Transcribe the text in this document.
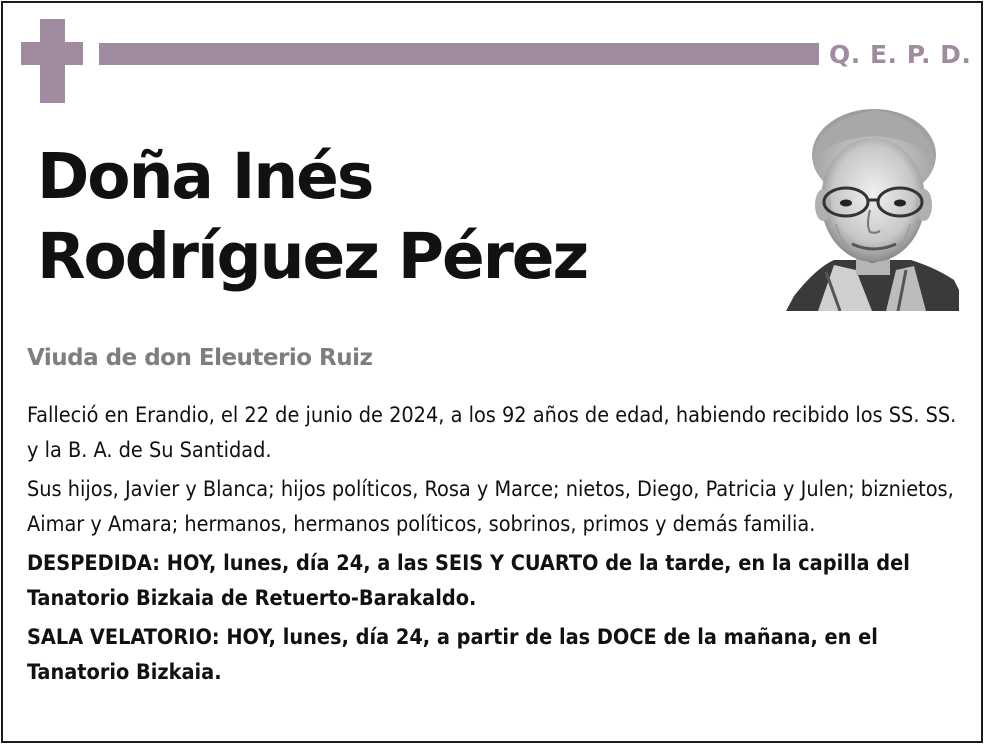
Q. E. P. D.
Doña Inés
Rodríguez Pérez
Viuda de don Eleuterio Ruiz

Falleció en Erandio, el 22 de junio de 2024, a los 92 años de edad, habiendo recibido los SS. SS. y la B. A. de Su Santidad.

Sus hijos, Javier y Blanca; hijos políticos, Rosa y Marce; nietos, Diego, Patricia y Julen; biznietos, Aimar y Amara; hermanos, hermanos políticos, sobrinos, primos y demás familia.

DESPEDIDA: HOY, lunes, día 24, a las SEIS Y CUARTO de la tarde, en la capilla del Tanatorio Bizkaia de Retuerto-Barakaldo.

SALA VELATORIO: HOY, lunes, día 24, a partir de las DOCE de la mañana, en el Tanatorio Bizkaia.
